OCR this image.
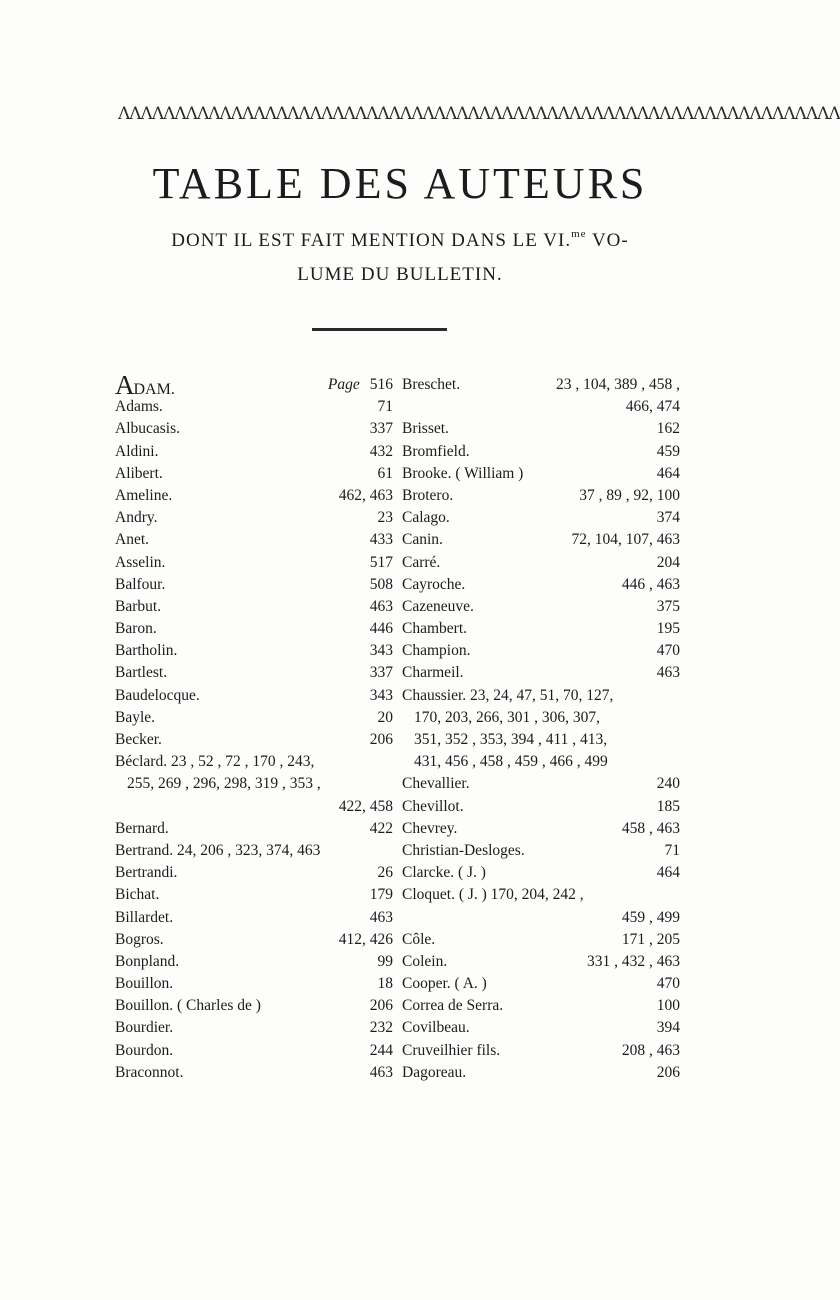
ɅɅɅɅɅɅɅɅɅɅɅɅɅɅɅɅɅɅɅɅɅɅɅɅɅɅɅɅɅɅɅɅɅɅɅɅɅɅɅɅɅɅɅɅɅɅɅɅɅɅɅɅɅɅɅɅɅɅɅɅɅɅɅɅ
TABLE DES AUTEURS
DONT IL EST FAIT MENTION DANS LE VI.$^{me}$ VO-
LUME DU BULLETIN.
ADAM.	Page 516
Adams.	71
Albucasis.	337
Aldini.	432
Alibert.	61
Ameline.	462, 463
Andry.	23
Anet.	433
Asselin.	517
Balfour.	508
Barbut.	463
Baron.	446
Bartholin.	343
Bartlest.	337
Baudelocque.	343
Bayle.	20
Becker.	206
Béclard. 23 , 52 , 72 , 170 , 243,
255, 269 , 296, 298, 319 , 353 ,
422, 458
Bernard.	422
Bertrand. 24, 206 , 323, 374, 463
Bertrandi.	26
Bichat.	179
Billardet.	463
Bogros.	412, 426
Bonpland.	99
Bouillon.	18
Bouillon. ( Charles de )	206
Bourdier.	232
Bourdon.	244
Braconnot.	463
Breschet.	23 , 104, 389 , 458 ,
466, 474
Brisset.	162
Bromfield.	459
Brooke. ( William )	464
Brotero.	37 , 89 , 92, 100
Calago.	374
Canin.	72, 104, 107, 463
Carré.	204
Cayroche.	446 , 463
Cazeneuve.	375
Chambert.	195
Champion.	470
Charmeil.	463
Chaussier. 23, 24, 47, 51, 70, 127,
170, 203, 266, 301 , 306, 307,
351, 352 , 353, 394 , 411 , 413,
431, 456 , 458 , 459 , 466 , 499
Chevallier.	240
Chevillot.	185
Chevrey.	458 , 463
Christian-Desloges.	71
Clarcke. ( J. )	464
Cloquet. ( J. ) 170, 204, 242 ,
459 , 499
Côle.	171 , 205
Colein.	331 , 432 , 463
Cooper. ( A. )	470
Correa de Serra.	100
Covilbeau.	394
Cruveilhier fils.	208 , 463
Dagoreau.	206
